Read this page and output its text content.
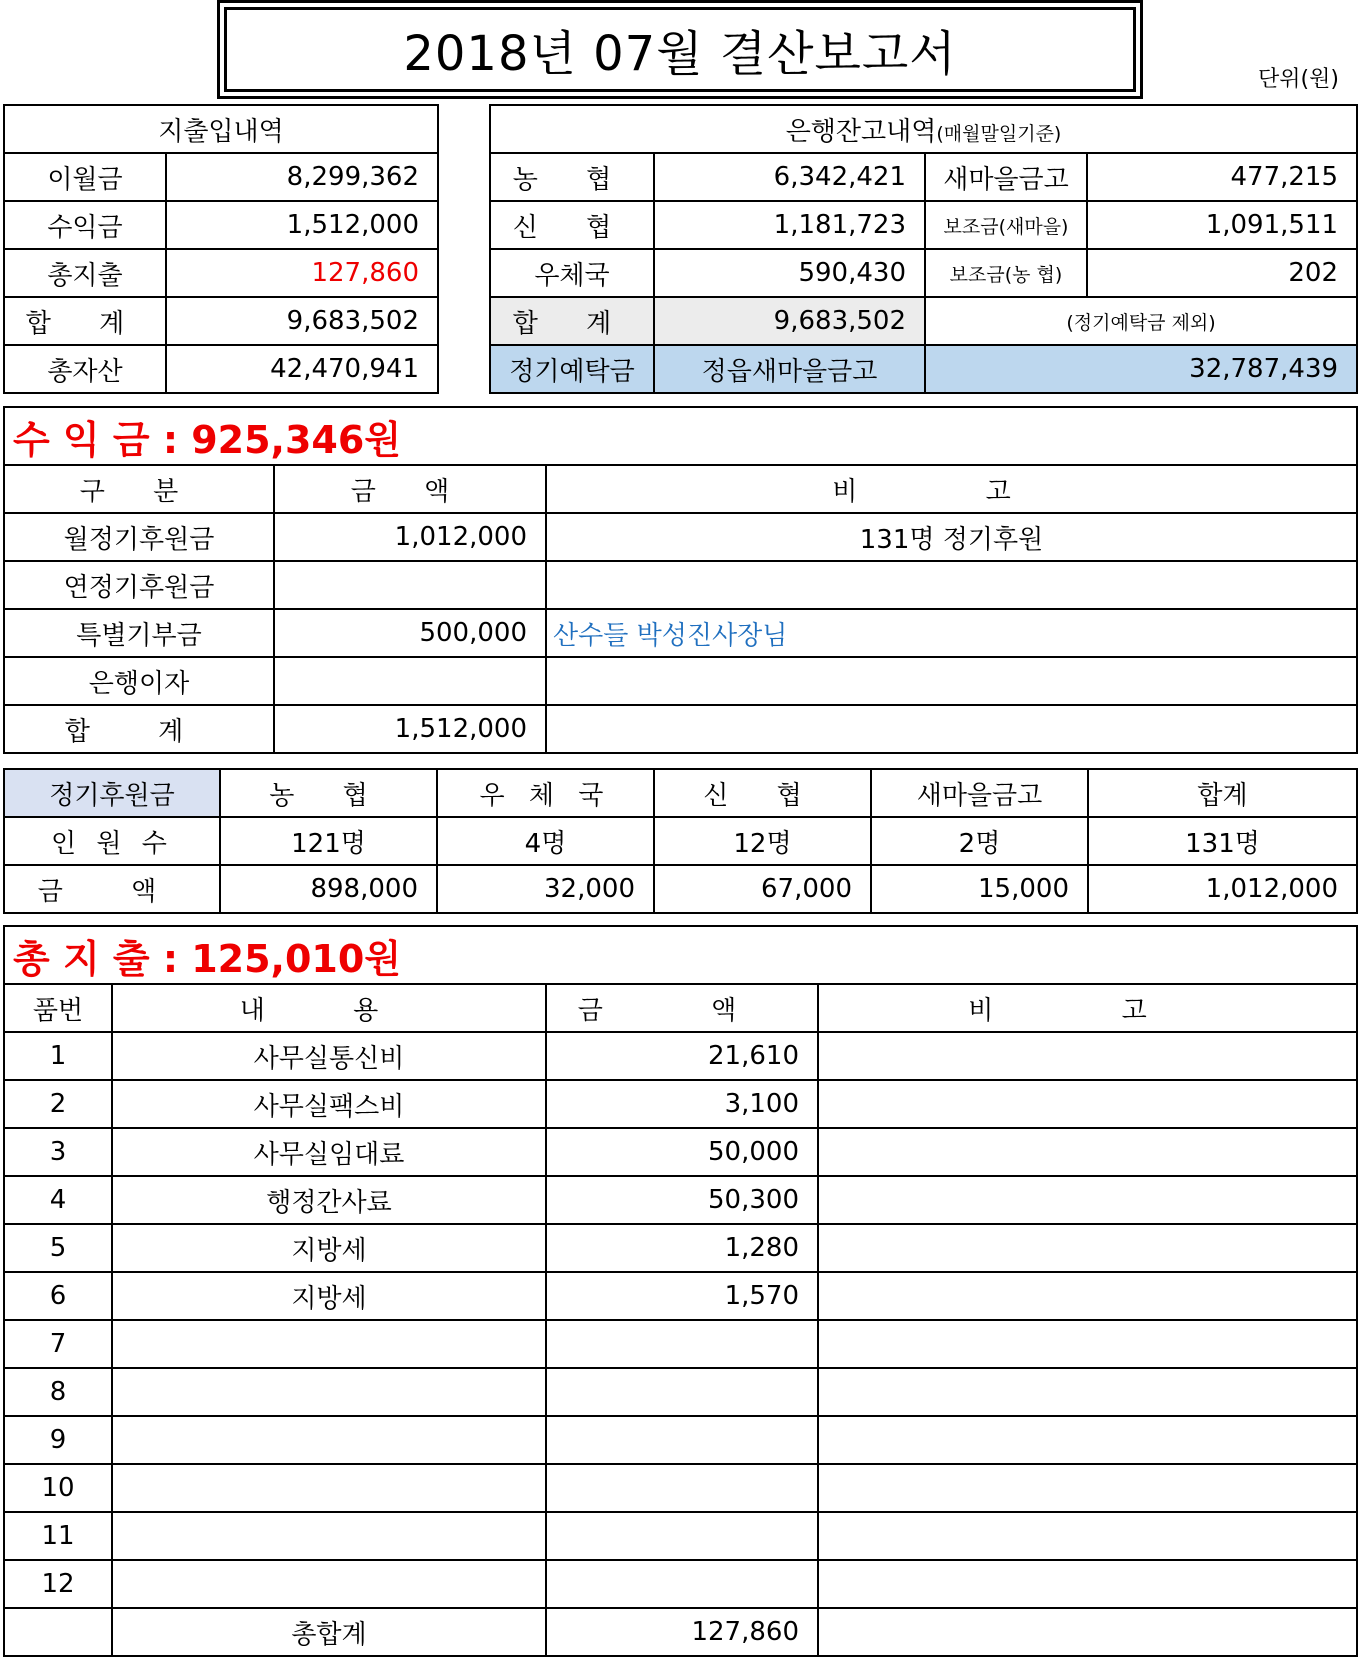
2018년 07월 결산보고서	단위(원)
지출입내역	
이월금	8,299,362
수익금	1,512,000
총지출	127,860
합 계	9,683,502
총자산	42,470,941
은행잔고내역(매월말일기준)			
농 협	6,342,421	새마을금고	477,215
신 협	1,181,723	보조금(새마을)	1,091,511
우체국	590,430	보조금(농 협)	202
합 계	9,683,502	(정기예탁금 제외)	
정기예탁금	정읍새마을금고	32,787,439	
수 익 금 : 925,346원		
구 분	금 액	비 고
월정기후원금	1,012,000	131명 정기후원
연정기후원금		
특별기부금	500,000	산수들 박성진사장님
은행이자		
합 계	1,512,000	
정기후원금	농 협	우 체 국	신 협	새마을금고	합계
인 원 수	121명	4명	12명	2명	131명
금 액	898,000	32,000	67,000	15,000	1,012,000
총 지 출 : 125,010원			
품번	내 용	금 액	비 고
1	사무실통신비	21,610	
2	사무실팩스비	3,100	
3	사무실임대료	50,000	
4	행정간사료	50,300	
5	지방세	1,280	
6	지방세	1,570	
7			
8			
9			
10			
11			
12			
	총합계	127,860	
